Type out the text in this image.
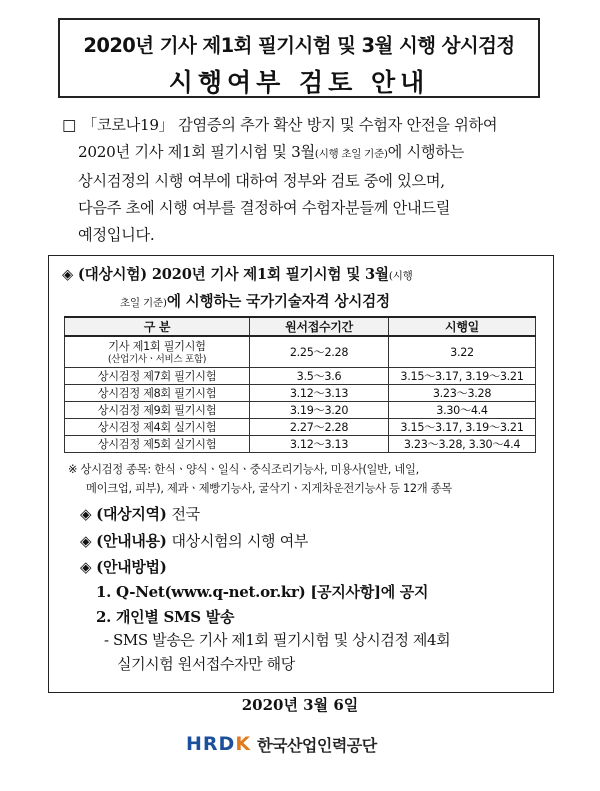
2020년 기사 제1회 필기시험 및 3월 시행 상시검정
시행여부 검토 안내
□ 「코로나19」 감염증의 추가 확산 방지 및 수험자 안전을 위하여
2020년 기사 제1회 필기시험 및 3월(시행 초일 기준)에 시행하는
상시검정의 시행 여부에 대하여 정부와 검토 중에 있으며,
다음주 초에 시행 여부를 결정하여 수험자분들께 안내드릴
예정입니다.
◈ (대상시험) 2020년 기사 제1회 필기시험 및 3월(시행
초일 기준)에 시행하는 국가기술자격 상시검정
구 분	원서접수기간	시행일
기사 제1회 필기시험
(산업기사ㆍ서비스 포함)	2.25～2.28	3.22
상시검정 제7회 필기시험	3.5～3.6	3.15～3.17, 3.19～3.21
상시검정 제8회 필기시험	3.12～3.13	3.23～3.28
상시검정 제9회 필기시험	3.19～3.20	3.30～4.4
상시검정 제4회 실기시험	2.27～2.28	3.15～3.17, 3.19～3.21
상시검정 제5회 실기시험	3.12～3.13	3.23～3.28, 3.30～4.4
※ 상시검정 종목: 한식ㆍ양식ㆍ일식ㆍ중식조리기능사, 미용사(일반, 네일,
메이크업, 피부), 제과ㆍ제빵기능사, 굴삭기ㆍ지게차운전기능사 등 12개 종목
◈ (대상지역) 전국
◈ (안내내용) 대상시험의 시행 여부
◈ (안내방법)
1. Q-Net(www.q-net.or.kr) [공지사항]에 공지
2. 개인별 SMS 발송
- SMS 발송은 기사 제1회 필기시험 및 상시검정 제4회
실기시험 원서접수자만 해당
2020년 3월 6일
HRDK 한국산업인력공단
